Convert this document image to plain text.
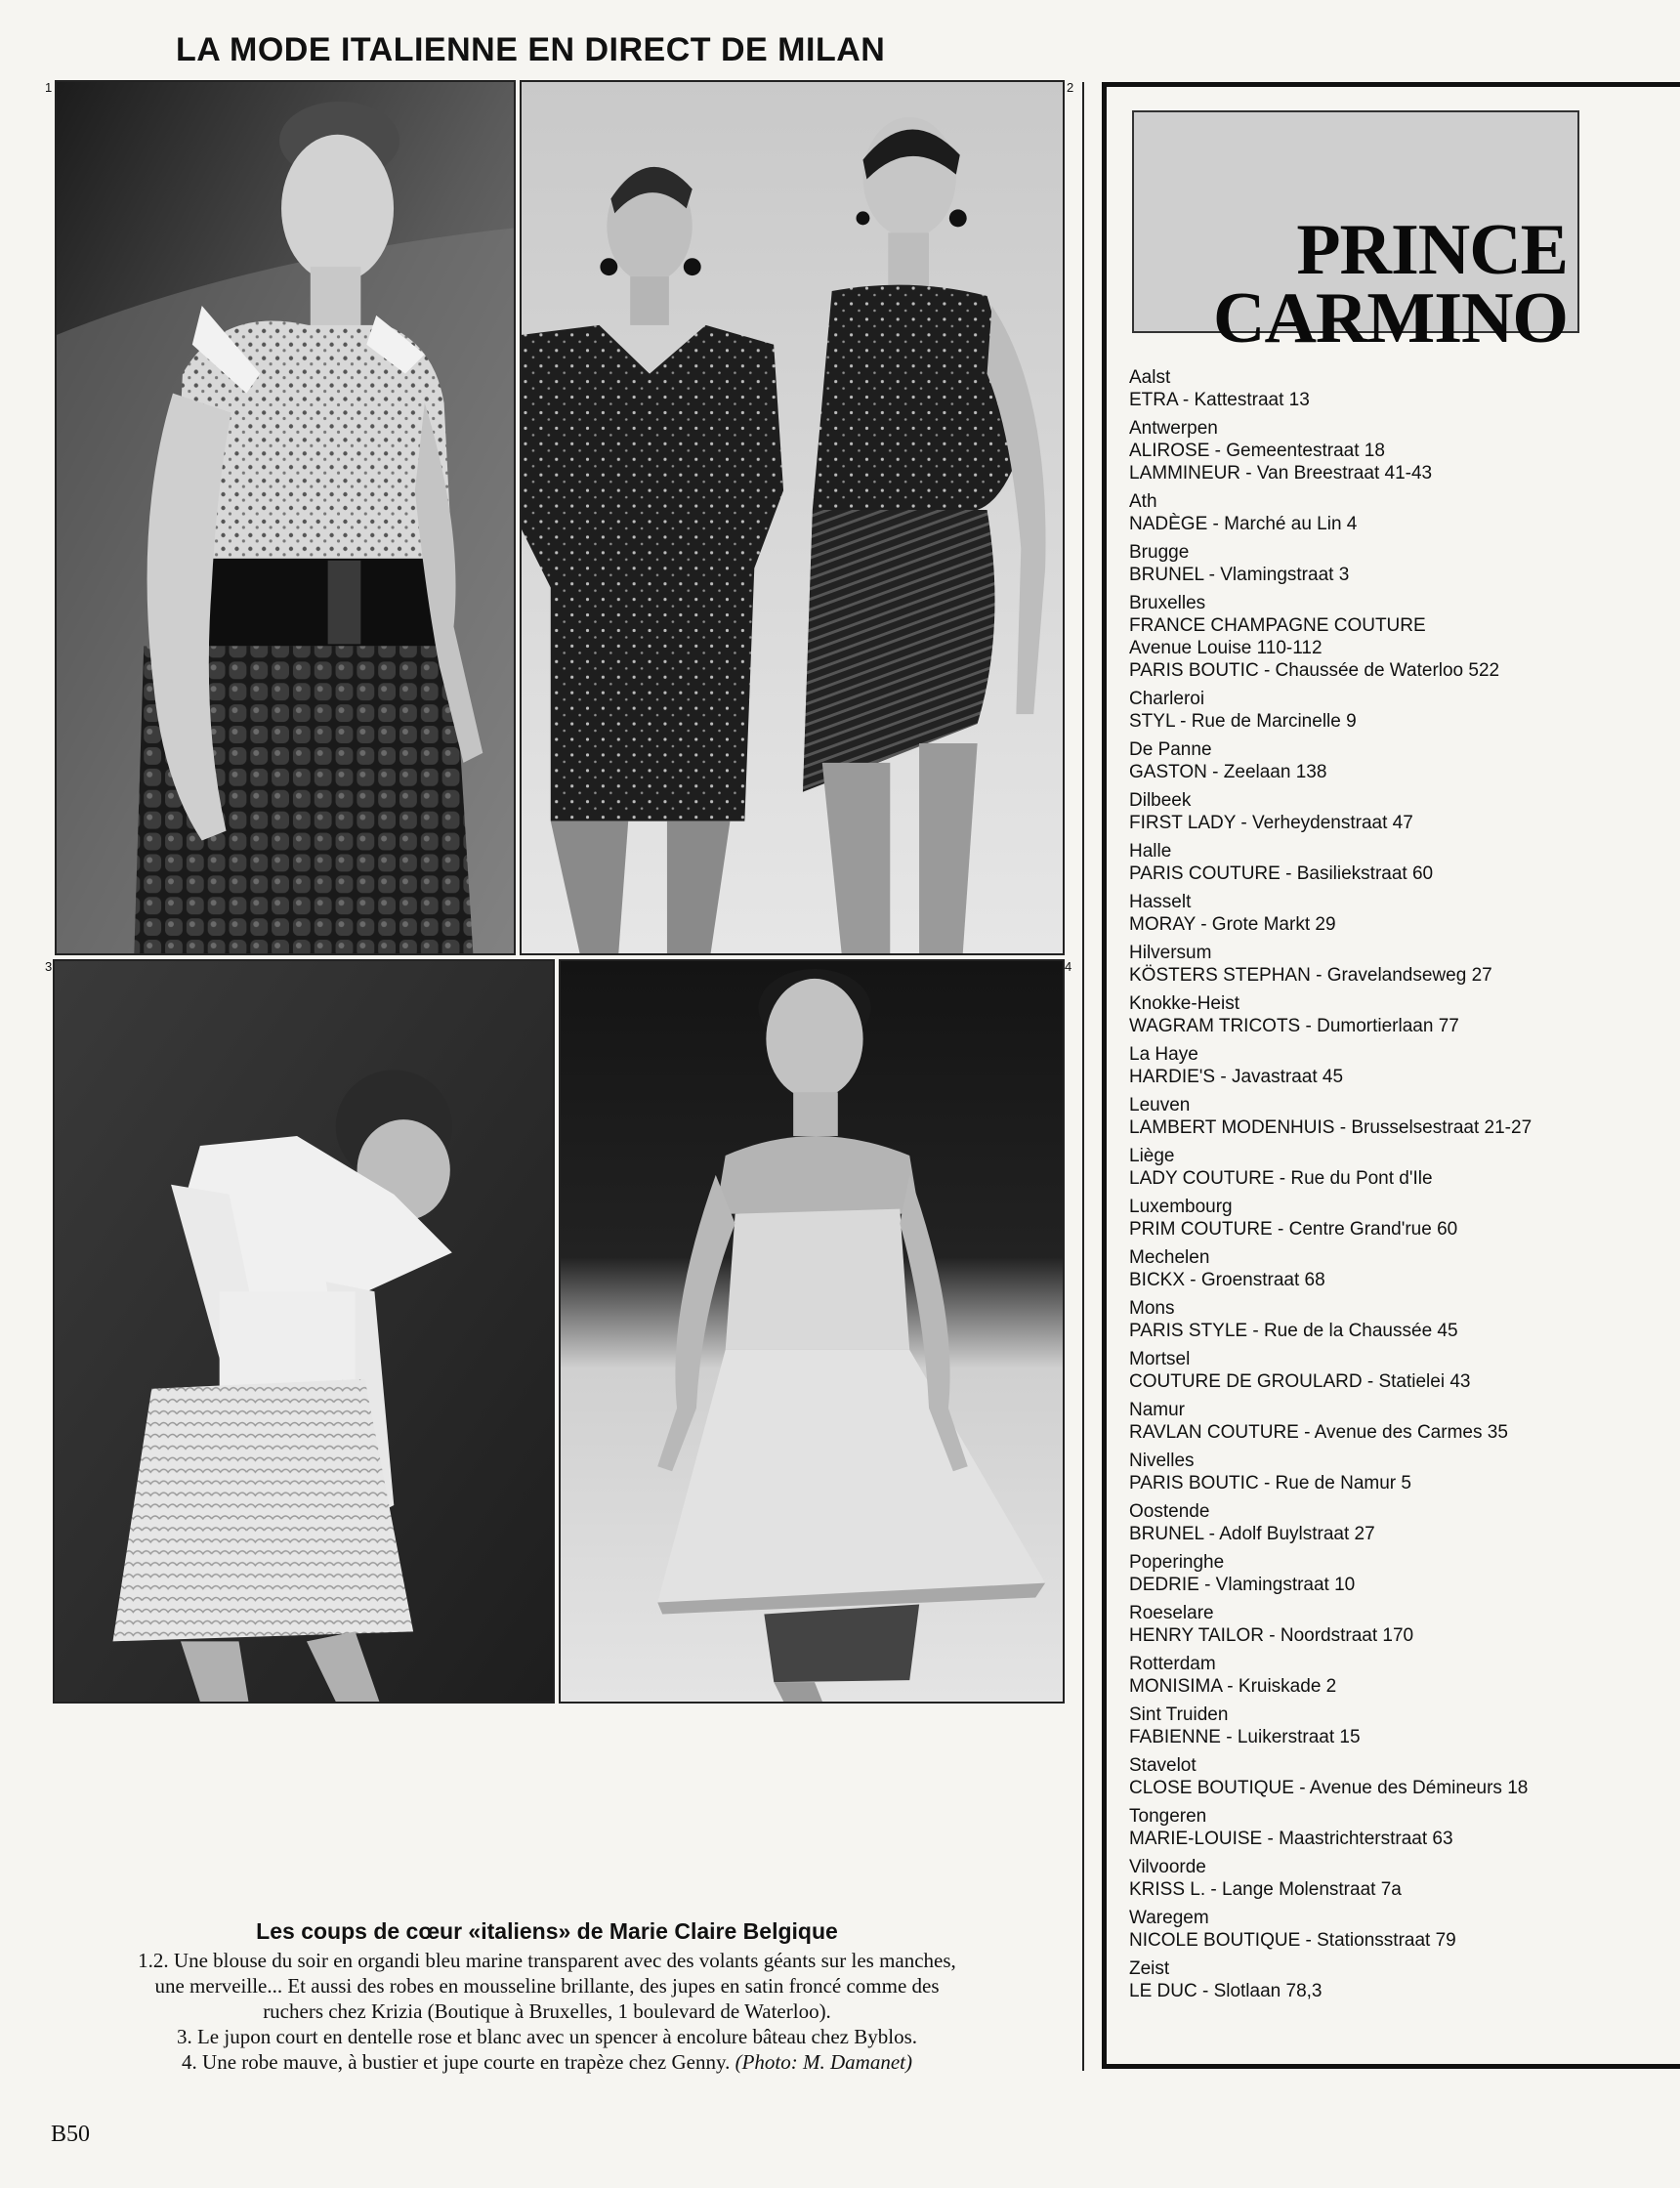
LA MODE ITALIENNE EN DIRECT DE MILAN
1	2
3	4
PRINCE
CARMINO
Aalst
ETRA - Kattestraat 13
Antwerpen
ALIROSE - Gemeentestraat 18
LAMMINEUR - Van Breestraat 41-43
Ath
NADÈGE - Marché au Lin 4
Brugge
BRUNEL - Vlamingstraat 3
Bruxelles
FRANCE CHAMPAGNE COUTURE
Avenue Louise 110-112
PARIS BOUTIC - Chaussée de Waterloo 522
Charleroi
STYL - Rue de Marcinelle 9
De Panne
GASTON - Zeelaan 138
Dilbeek
FIRST LADY - Verheydenstraat 47
Halle
PARIS COUTURE - Basiliekstraat 60
Hasselt
MORAY - Grote Markt 29
Hilversum
KÖSTERS STEPHAN - Gravelandseweg 27
Knokke-Heist
WAGRAM TRICOTS - Dumortierlaan 77
La Haye
HARDIE'S - Javastraat 45
Leuven
LAMBERT MODENHUIS - Brusselsestraat 21-27
Liège
LADY COUTURE - Rue du Pont d'Ile
Luxembourg
PRIM COUTURE - Centre Grand'rue 60
Mechelen
BICKX - Groenstraat 68
Mons
PARIS STYLE - Rue de la Chaussée 45
Mortsel
COUTURE DE GROULARD - Statielei 43
Namur
RAVLAN COUTURE - Avenue des Carmes 35
Nivelles
PARIS BOUTIC - Rue de Namur 5
Oostende
BRUNEL - Adolf Buylstraat 27
Poperinghe
DEDRIE - Vlamingstraat 10
Roeselare
HENRY TAILOR - Noordstraat 170
Rotterdam
MONISIMA - Kruiskade 2
Sint Truiden
FABIENNE - Luikerstraat 15
Stavelot
CLOSE BOUTIQUE - Avenue des Démineurs 18
Tongeren
MARIE-LOUISE - Maastrichterstraat 63
Vilvoorde
KRISS L. - Lange Molenstraat 7a
Waregem
NICOLE BOUTIQUE - Stationsstraat 79
Zeist
LE DUC - Slotlaan 78,3
Les coups de cœur «italiens» de Marie Claire Belgique

1.2. Une blouse du soir en organdi bleu marine transparent avec des volants géants sur les manches,

une merveille... Et aussi des robes en mousseline brillante, des jupes en satin froncé comme des

ruchers chez Krizia (Boutique à Bruxelles, 1 boulevard de Waterloo).

3. Le jupon court en dentelle rose et blanc avec un spencer à encolure bâteau chez Byblos.

4. Une robe mauve, à bustier et jupe courte en trapèze chez Genny. (Photo: M. Damanet)

B50
